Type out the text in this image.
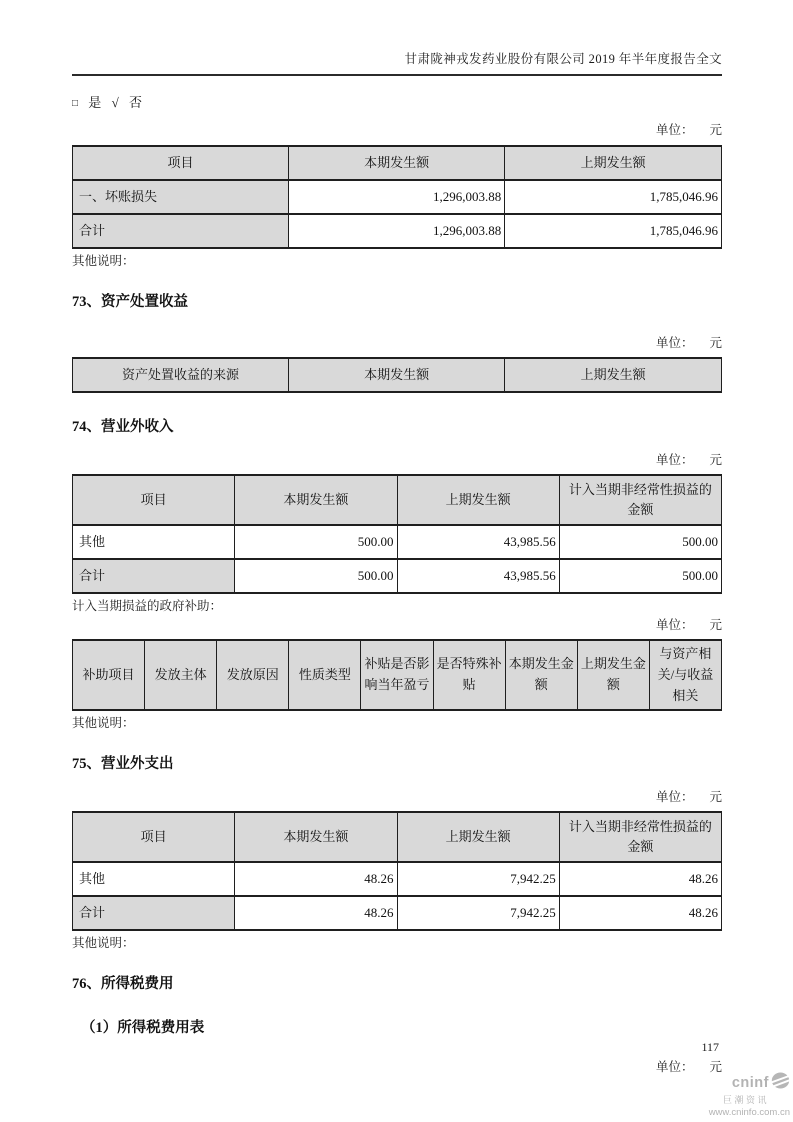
甘肃陇神戎发药业股份有限公司 2019 年半年度报告全文
□ 是 √ 否
单位： 元
项目	本期发生额	上期发生额
一、坏账损失	1,296,003.88	1,785,046.96
合计	1,296,003.88	1,785,046.96
其他说明：
73、资产处置收益
单位： 元
资产处置收益的来源	本期发生额	上期发生额
74、营业外收入
单位： 元
项目	本期发生额	上期发生额	计入当期非经常性损益的金额
其他	500.00	43,985.56	500.00
合计	500.00	43,985.56	500.00
计入当期损益的政府补助：
单位： 元
补助项目	发放主体	发放原因	性质类型	补贴是否影响当年盈亏	是否特殊补贴	本期发生金额	上期发生金额	与资产相关/与收益相关
其他说明：
75、营业外支出
单位： 元
项目	本期发生额	上期发生额	计入当期非经常性损益的金额
其他	48.26	7,942.25	48.26
合计	48.26	7,942.25	48.26
其他说明：
76、所得税费用
（1）所得税费用表
单位： 元
117
cninf
巨潮资讯
www.cninfo.com.cn
